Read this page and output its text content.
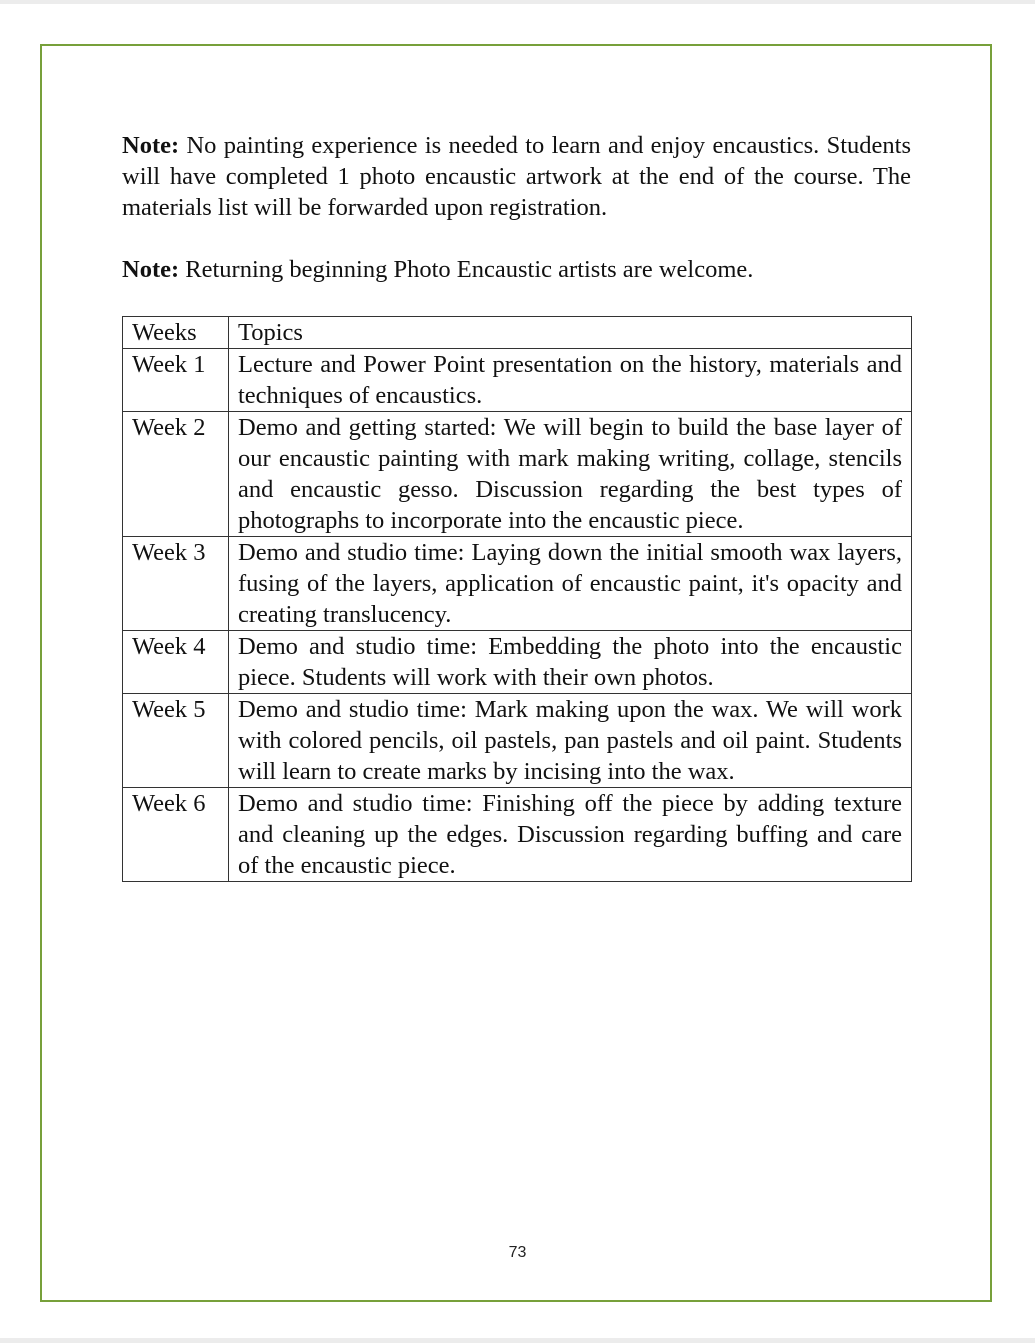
Note: No painting experience is needed to learn and enjoy encaustics. Students will have completed 1 photo encaustic artwork at the end of the course. The materials list will be forwarded upon registration.

Note: Returning beginning Photo Encaustic artists are welcome.

Weeks	Topics
Week 1	Lecture and Power Point presentation on the history, materials and techniques of encaustics.
Week 2	Demo and getting started: We will begin to build the base layer of our encaustic painting with mark making writing, collage, stencils and encaustic gesso. Discussion regarding the best types of photographs to incorporate into the encaustic piece.
Week 3	Demo and studio time: Laying down the initial smooth wax layers, fusing of the layers, application of encaustic paint, it's opacity and creating translucency.
Week 4	Demo and studio time: Embedding the photo into the encaustic piece. Students will work with their own photos.
Week 5	Demo and studio time: Mark making upon the wax. We will work with colored pencils, oil pastels, pan pastels and oil paint. Students will learn to create marks by incising into the wax.
Week 6	Demo and studio time: Finishing off the piece by adding texture and cleaning up the edges. Discussion regarding buffing and care of the encaustic piece.
73
